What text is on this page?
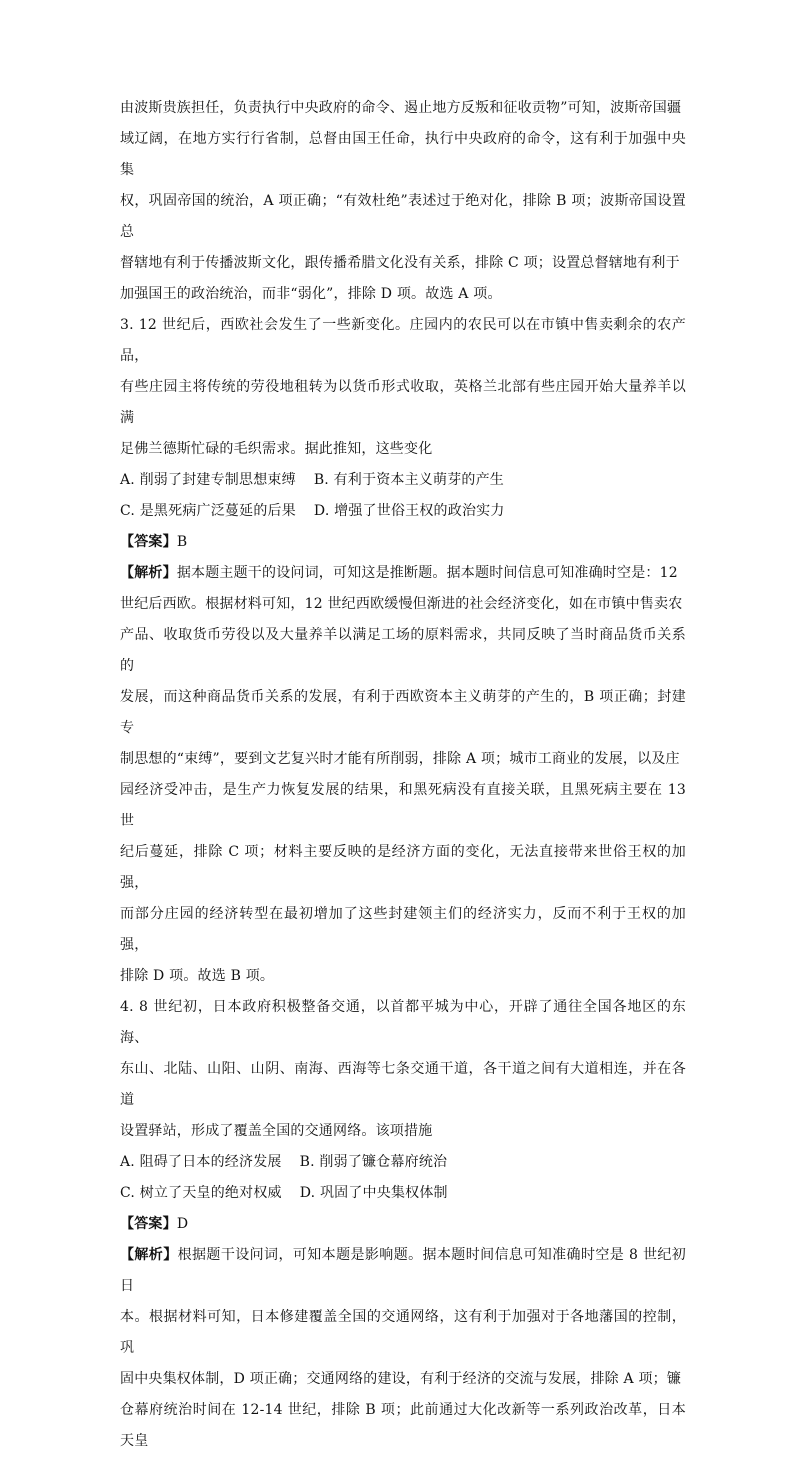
由波斯贵族担任，负责执行中央政府的命令、遏止地方反叛和征收贡物”可知，波斯帝国疆

域辽阔，在地方实行行省制，总督由国王任命，执行中央政府的命令，这有利于加强中央集

权，巩固帝国的统治，A 项正确；“有效杜绝”表述过于绝对化，排除 B 项；波斯帝国设置总

督辖地有利于传播波斯文化，跟传播希腊文化没有关系，排除 C 项；设置总督辖地有利于

加强国王的政治统治，而非“弱化”，排除 D 项。故选 A 项。

3. 12 世纪后，西欧社会发生了一些新变化。庄园内的农民可以在市镇中售卖剩余的农产品，

有些庄园主将传统的劳役地租转为以货币形式收取，英格兰北部有些庄园开始大量养羊以满

足佛兰德斯忙碌的毛织需求。据此推知，这些变化

A. 削弱了封建专制思想束缚 B. 有利于资本主义萌芽的产生

C. 是黑死病广泛蔓延的后果 D. 增强了世俗王权的政治实力

【答案】B

【解析】据本题主题干的设问词，可知这是推断题。据本题时间信息可知准确时空是：12

世纪后西欧。根据材料可知，12 世纪西欧缓慢但渐进的社会经济变化，如在市镇中售卖农

产品、收取货币劳役以及大量养羊以满足工场的原料需求，共同反映了当时商品货币关系的

发展，而这种商品货币关系的发展，有利于西欧资本主义萌芽的产生的，B 项正确；封建专

制思想的“束缚”，要到文艺复兴时才能有所削弱，排除 A 项；城市工商业的发展，以及庄

园经济受冲击，是生产力恢复发展的结果，和黑死病没有直接关联，且黑死病主要在 13 世

纪后蔓延，排除 C 项；材料主要反映的是经济方面的变化，无法直接带来世俗王权的加强，

而部分庄园的经济转型在最初增加了这些封建领主们的经济实力，反而不利于王权的加强，

排除 D 项。故选 B 项。

4. 8 世纪初，日本政府积极整备交通，以首都平城为中心，开辟了通往全国各地区的东海、

东山、北陆、山阳、山阴、南海、西海等七条交通干道，各干道之间有大道相连，并在各道

设置驿站，形成了覆盖全国的交通网络。该项措施

A. 阻碍了日本的经济发展 B. 削弱了镰仓幕府统治

C. 树立了天皇的绝对权威 D. 巩固了中央集权体制

【答案】D

【解析】根据题干设问词，可知本题是影响题。据本题时间信息可知准确时空是 8 世纪初日

本。根据材料可知，日本修建覆盖全国的交通网络，这有利于加强对于各地藩国的控制，巩

固中央集权体制，D 项正确；交通网络的建设，有利于经济的交流与发展，排除 A 项；镰

仓幕府统治时间在 12-14 世纪，排除 B 项；此前通过大化改新等一系列政治改革，日本天皇
